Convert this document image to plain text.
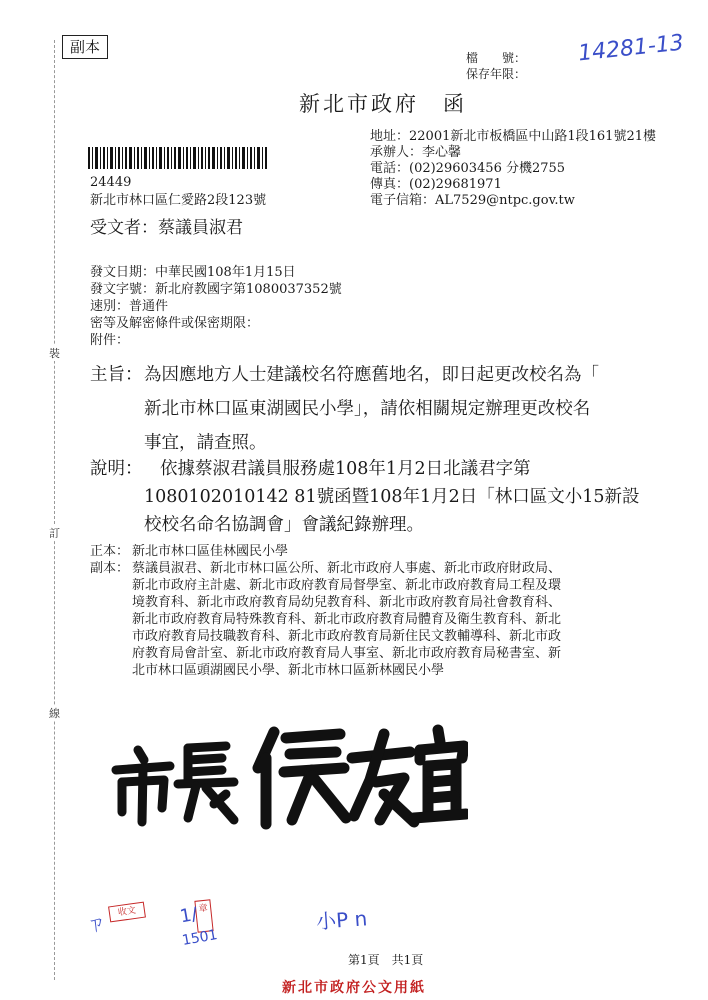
副本
檔　　號：
保存年限：
14281-13
新北市政府　函
地址：22001新北市板橋區中山路1段161號21樓
承辦人：李心馨
電話：(02)29603456 分機2755
傳真：(02)29681971
電子信箱：AL7529@ntpc.gov.tw
24449
新北市林口區仁愛路2段123號
受文者：蔡議員淑君
發文日期：中華民國108年1月15日
發文字號：新北府教國字第1080037352號
速別：普通件
密等及解密條件或保密期限：
附件：
主旨： 為因應地方人士建議校名符應舊地名，即日起更改校名為「
新北市林口區東湖國民小學」，請依相關規定辦理更改校名
事宜，請查照。
說明： 依據蔡淑君議員服務處108年1月2日北議君字第
1080102010142 81號函暨108年1月2日「林口區文小15新設
校校名命名協調會」會議紀錄辦理。
正本： 新北市林口區佳林國民小學
副本： 蔡議員淑君、新北市林口區公所、新北市政府人事處、新北市政府財政局、
新北市政府主計處、新北市政府教育局督學室、新北市政府教育局工程及環
境教育科、新北市政府教育局幼兒教育科、新北市政府教育局社會教育科、
新北市政府教育局特殊教育科、新北市政府教育局體育及衛生教育科、新北
市政府教育局技職教育科、新北市政府教育局新住民文教輔導科、新北市政
府教育局會計室、新北市政府教育局人事室、新北市政府教育局秘書室、新
北市林口區頭湖國民小學、新北市林口區新林國民小學
裝
訂
線
ㄗ	收文	章
1/
1501
小P n
第1頁　共1頁
新北市政府公文用紙
